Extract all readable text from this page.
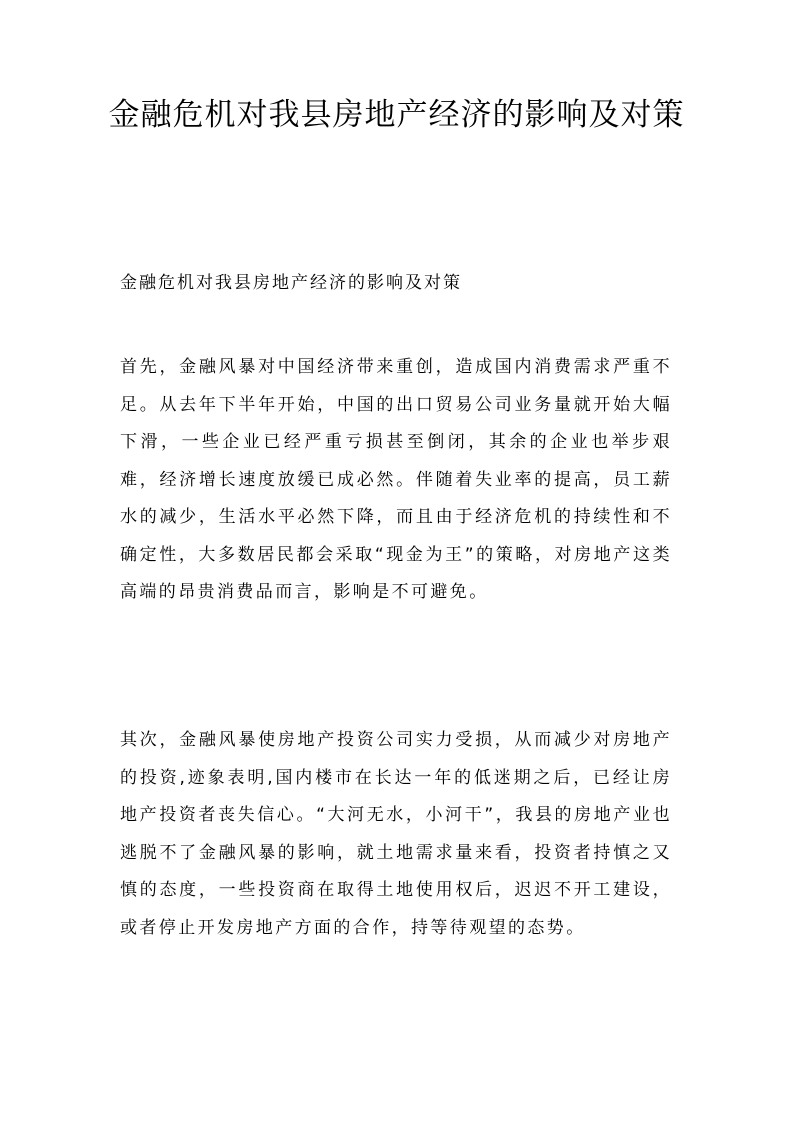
金融危机对我县房地产经济的影响及对策

金融危机对我县房地产经济的影响及对策

首先，金融风暴对中国经济带来重创，造成国内消费需求严重不足。从去年下半年开始，中国的出口贸易公司业务量就开始大幅下滑，一些企业已经严重亏损甚至倒闭，其余的企业也举步艰难，经济增长速度放缓已成必然。伴随着失业率的提高，员工薪水的减少，生活水平必然下降，而且由于经济危机的持续性和不确定性，大多数居民都会采取“现金为王”的策略，对房地产这类高端的昂贵消费品而言，影响是不可避免。

其次，金融风暴使房地产投资公司实力受损，从而减少对房地产的投资,迹象表明,国内楼市在长达一年的低迷期之后，已经让房地产投资者丧失信心。“大河无水，小河干”，我县的房地产业也逃脱不了金融风暴的影响，就土地需求量来看，投资者持慎之又慎的态度，一些投资商在取得土地使用权后，迟迟不开工建设，或者停止开发房地产方面的合作，持等待观望的态势。
